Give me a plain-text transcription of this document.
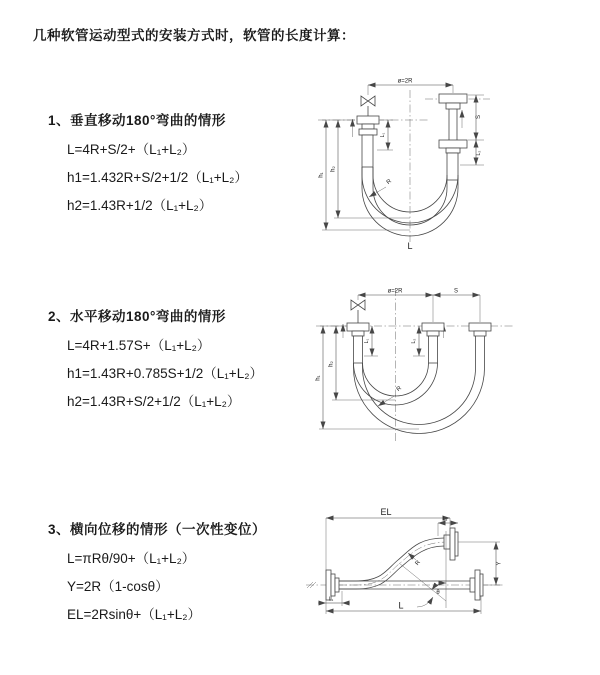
几种软管运动型式的安装方式时，软管的长度计算：
1、垂直移动180°弯曲的情形
L=4R+S/2+（L₁+L₂）
h1=1.432R+S/2+1/2（L₁+L₂）
h2=1.43R+1/2（L₁+L₂）
2、水平移动180°弯曲的情形
L=4R+1.57S+（L₁+L₂）
h1=1.43R+0.785S+1/2（L₁+L₂）
h2=1.43R+S/2+1/2（L₁+L₂）
3、横向位移的情形（一次性变位）
L=πRθ/90+（L₁+L₂）
Y=2R（1-cosθ）
EL=2Rsinθ+（L₁+L₂）
ø=2R
S
L₂
h₁
h₂
L₁
R
L
ø=2R	S
h₁
h₂
L₁	L₂
R
EL
L₂
Y
R
θ
L
L₁
